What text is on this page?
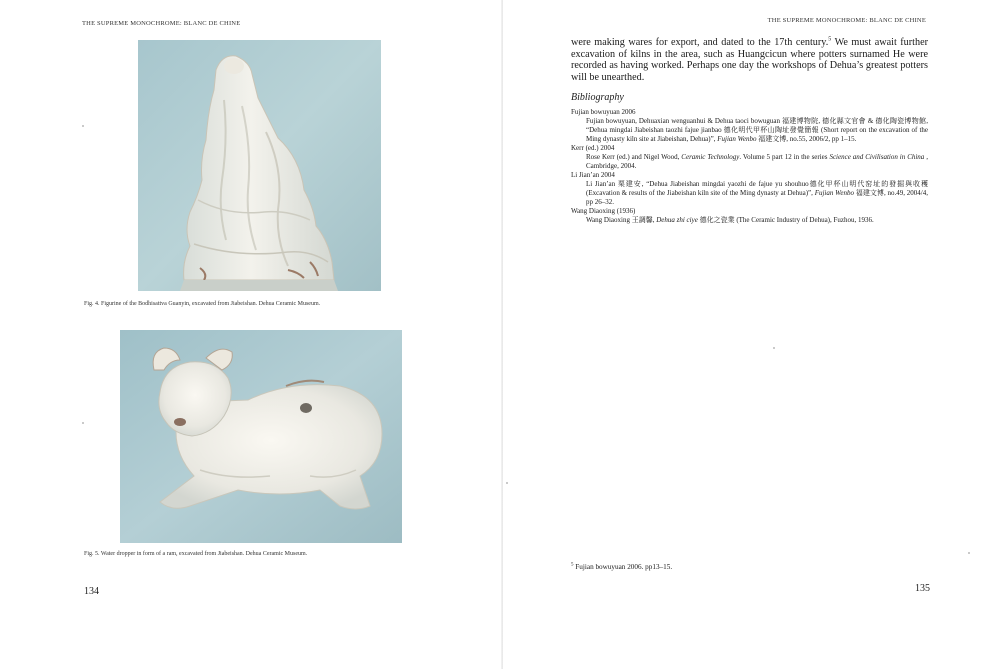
THE SUPREME MONOCHROME: BLANC DE CHINE
Fig. 4. Figurine of the Bodhisattva Guanyin, excavated from Jiabeishan. Dehua Ceramic Museum.
Fig. 5. Water dropper in form of a ram, excavated from Jiabeishan. Dehua Ceramic Museum.
134
THE SUPREME MONOCHROME: BLANC DE CHINE
were making wares for export, and dated to the 17th century.$^5$ We must await further excavation of kilns in the area, such as Huangcicun where potters surnamed He were recorded as having worked. Perhaps one day the workshops of Dehua’s greatest potters will be unearthed.
Bibliography
Fujian bowuyuan 2006
Fujian bowuyuan, Dehuaxian wenguanhui & Dehua taoci bowuguan 福建博物院, 德化縣文官會 & 德化陶瓷博物館, “Dehua mingdai Jiabeishan taozhi fajue jianbao 德化明代甲杯山陶址發覺簡報 (Short report on the excavation of the Ming dynasty kiln site at Jiabeishan, Dehua)”, Fujian Wenbo 福建文博, no.55, 2006/2, pp 1–15.
Kerr (ed.) 2004
Rose Kerr (ed.) and Nigel Wood, Ceramic Technology. Volume 5 part 12 in the series Science and Civilisation in China , Cambridge, 2004.
Li Jian’an 2004
Li Jian’an 栗建安, “Dehua Jiabeishan mingdai yaozhi de fajue yu shouhuo德化甲杯山明代窑址的發掘與收穫 (Excavation & results of the Jiabeishan kiln site of the Ming dynasty at Dehua)”, Fujian Wenbo 福建文博, no.49, 2004/4, pp 26–32.
Wang Diaoxing (1936)
Wang Diaoxing 王調馨, Dehua zhi ciye 德化之瓷業 (The Ceramic Industry of Dehua), Fuzhou, 1936.
$^5$ Fujian bowuyuan 2006. pp13–15.
135
